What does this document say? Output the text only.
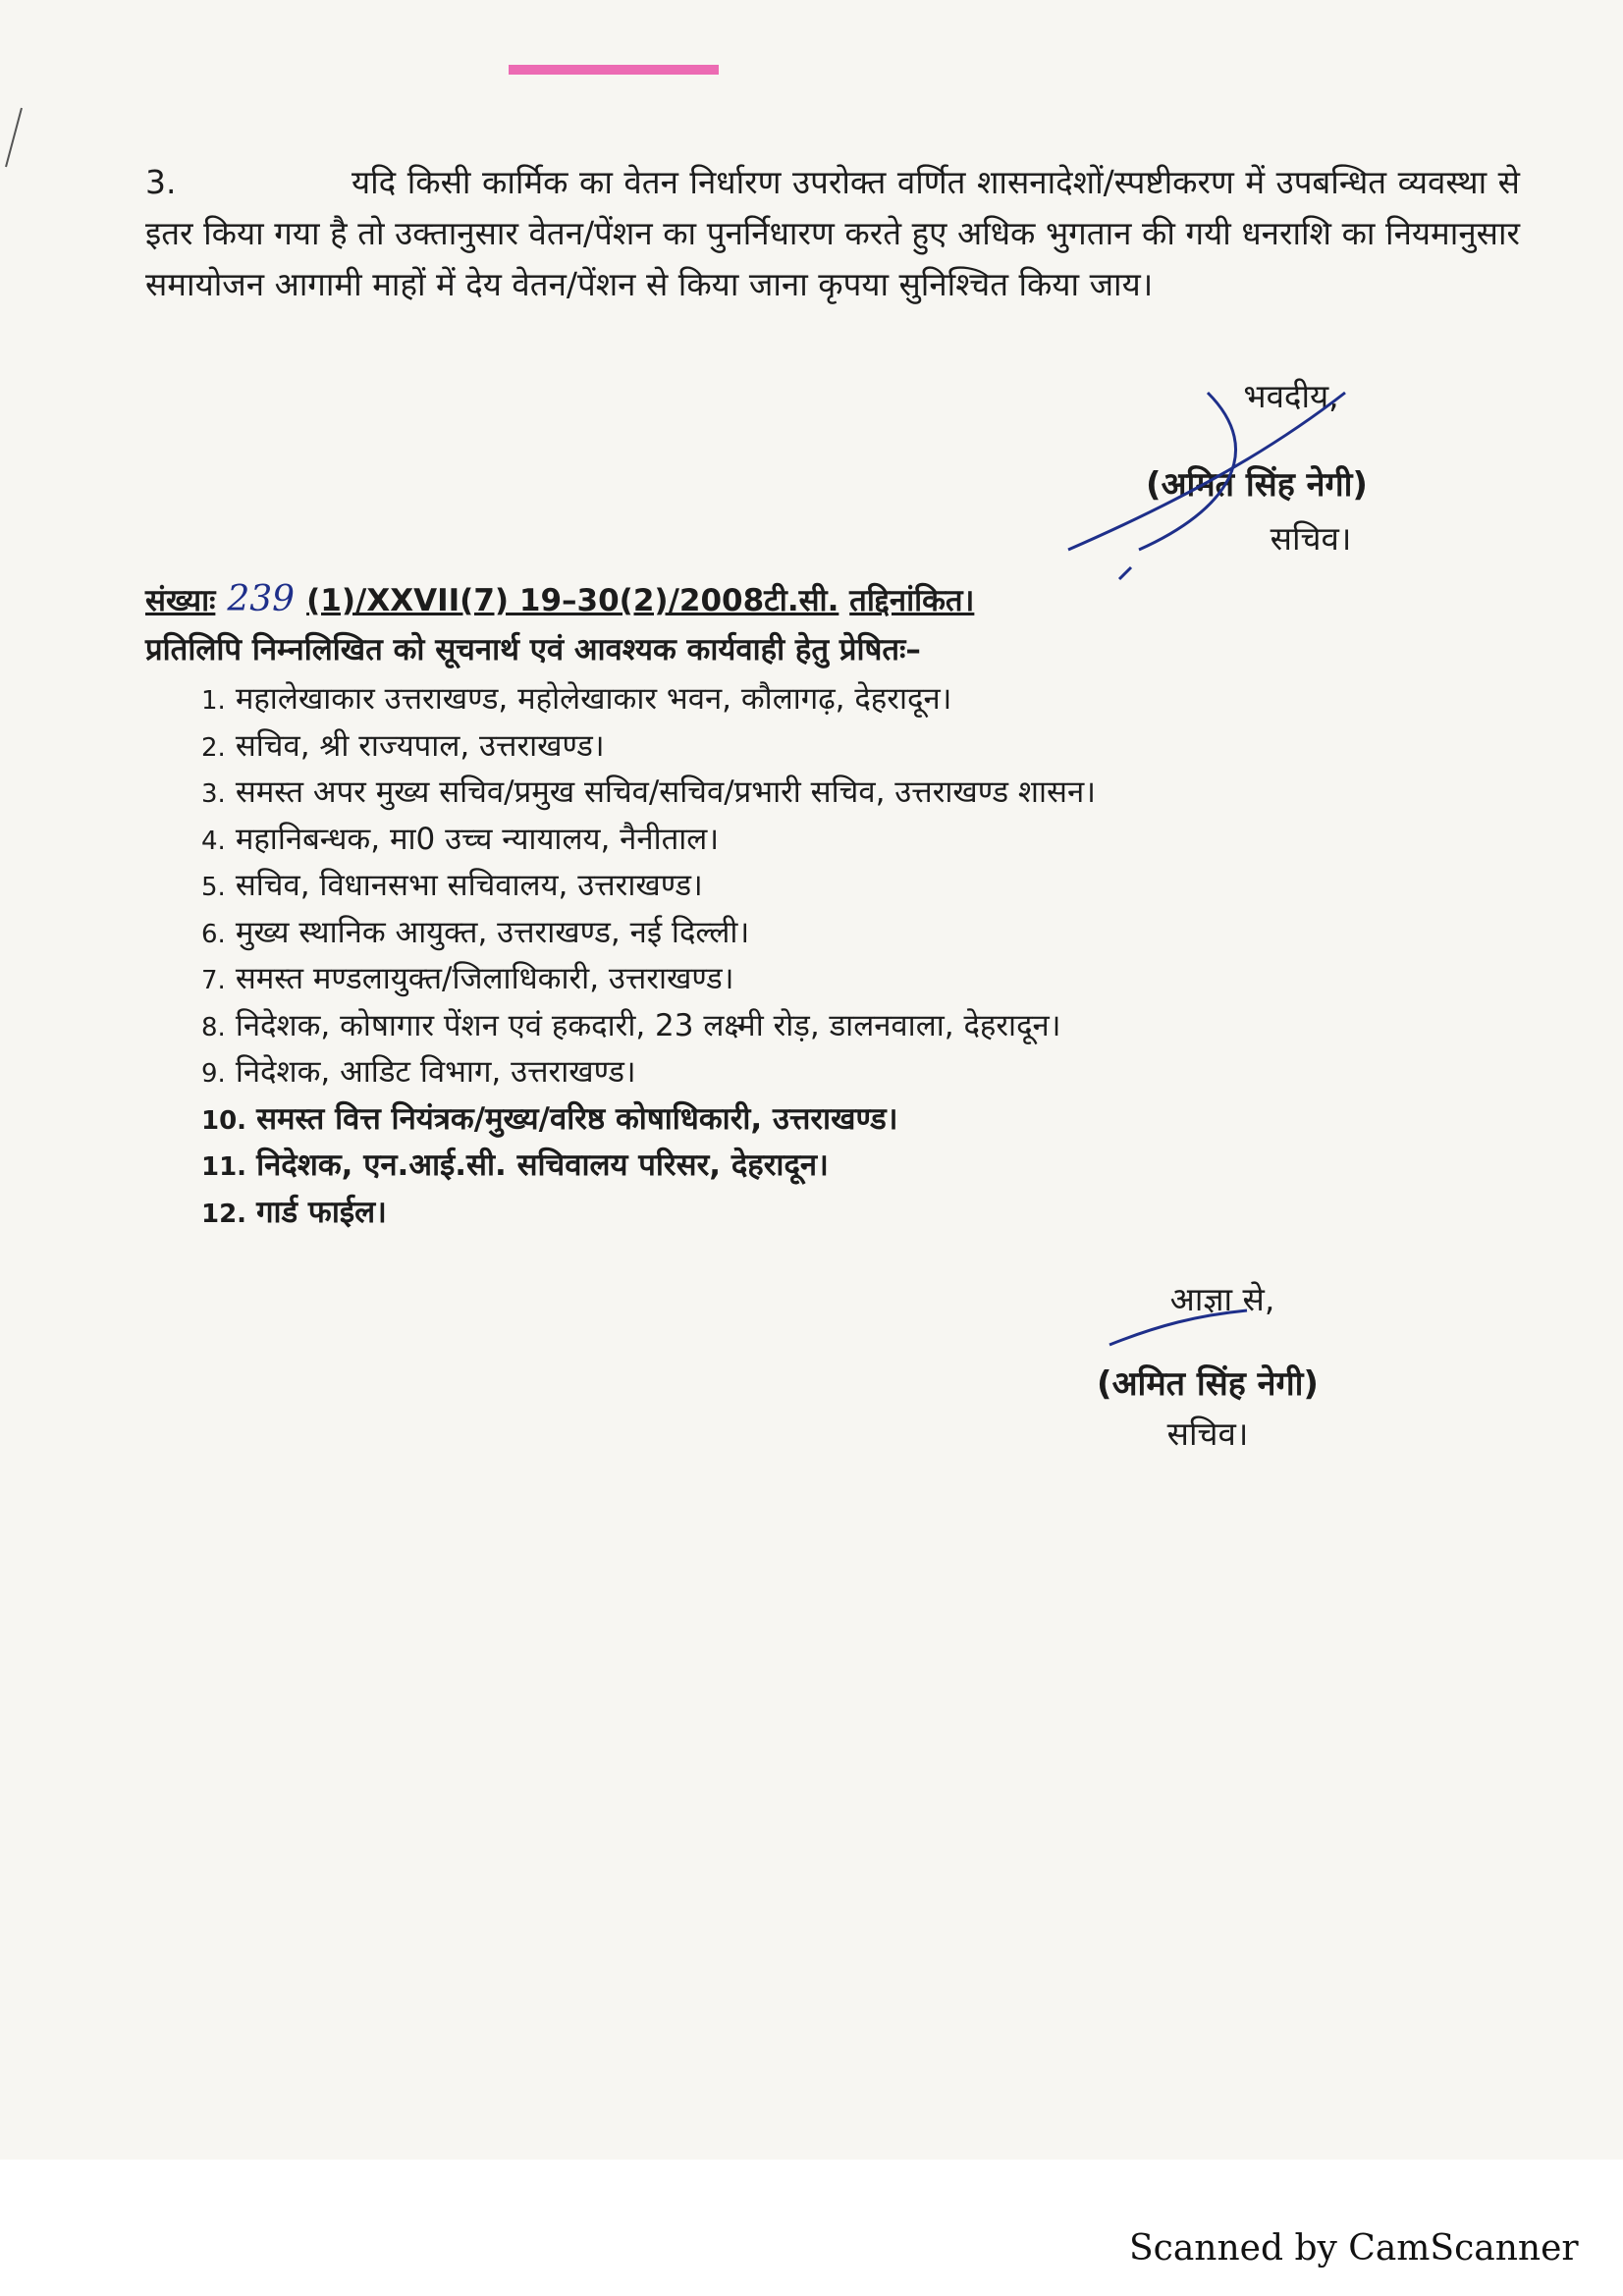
3.	यदि किसी कार्मिक का वेतन निर्धारण उपरोक्त वर्णित शासनादेशों/स्पष्टीकरण में उपबन्धित व्यवस्था से इतर किया गया है तो उक्तानुसार वेतन/पेंशन का पुनर्निधारण करते हुए अधिक भुगतान की गयी धनराशि का नियमानुसार समायोजन आगामी माहों में देय वेतन/पेंशन से किया जाना कृपया सुनिश्चित किया जाय।
भवदीय,
(अमित सिंह नेगी)
सचिव।
संख्याः 239 (1)/XXVII(7) 19–30(2)/2008टी.सी. तद्दिनांकित।
प्रतिलिपि निम्नलिखित को सूचनार्थ एवं आवश्यक कार्यवाही हेतु प्रेषितः–
1. महालेखाकार उत्तराखण्ड, महोलेखाकार भवन, कौलागढ़, देहरादून।
2. सचिव, श्री राज्यपाल, उत्तराखण्ड।
3. समस्त अपर मुख्य सचिव/प्रमुख सचिव/सचिव/प्रभारी सचिव, उत्तराखण्ड शासन।
4. महानिबन्धक, मा0 उच्च न्यायालय, नैनीताल।
5. सचिव, विधानसभा सचिवालय, उत्तराखण्ड।
6. मुख्य स्थानिक आयुक्त, उत्तराखण्ड, नई दिल्ली।
7. समस्त मण्डलायुक्त/जिलाधिकारी, उत्तराखण्ड।
8. निदेशक, कोषागार पेंशन एवं हकदारी, 23 लक्ष्मी रोड़, डालनवाला, देहरादून।
9. निदेशक, आडिट विभाग, उत्तराखण्ड।
10. समस्त वित्त नियंत्रक/मुख्य/वरिष्ठ कोषाधिकारी, उत्तराखण्ड।
11. निदेशक, एन.आई.सी. सचिवालय परिसर, देहरादून।
12. गार्ड फाईल।
आज्ञा से,
(अमित सिंह नेगी)
सचिव।
Scanned by CamScanner
